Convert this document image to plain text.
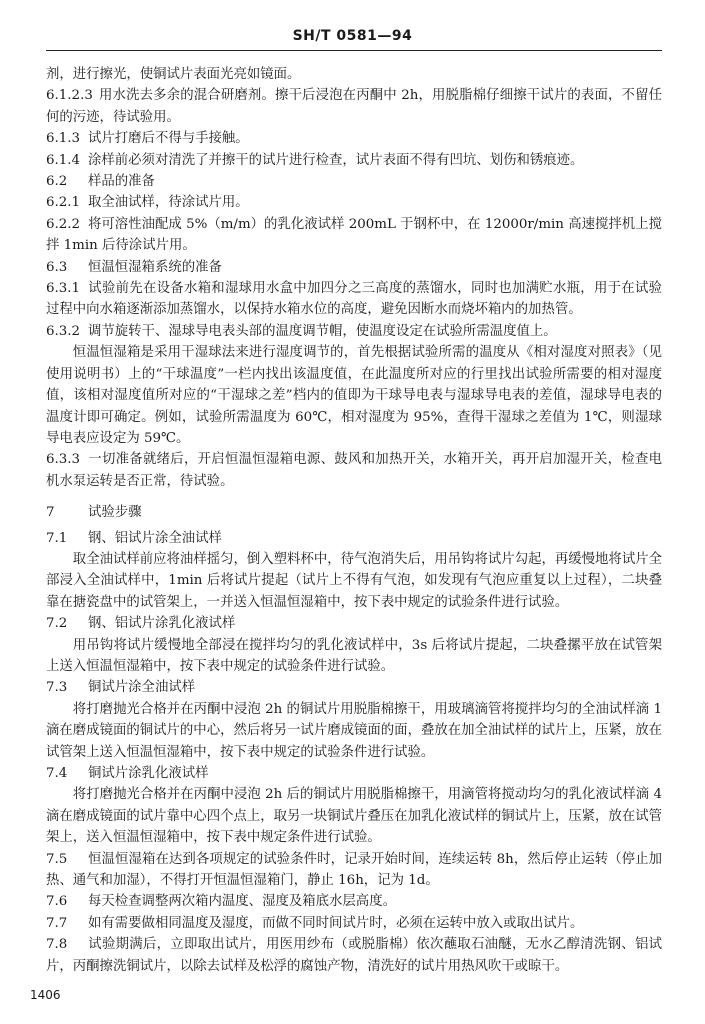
SH/T 0581—94
剂，进行擦光，使铜试片表面光亮如镜面。
6.1.2.3 用水洗去多余的混合研磨剂。擦干后浸泡在丙酮中 2h，用脱脂棉仔细擦干试片的表面，不留任何的污迹，待试验用。
6.1.3 试片打磨后不得与手接触。
6.1.4 涂样前必须对清洗了并擦干的试片进行检查，试片表面不得有凹坑、划伤和锈痕迹。
6.2 样品的准备
6.2.1 取全油试样，待涂试片用。
6.2.2 将可溶性油配成 5%（m/m）的乳化液试样 200mL 于钢杯中，在 12000r/min 高速搅拌机上搅拌 1min 后待涂试片用。
6.3 恒温恒湿箱系统的准备
6.3.1 试验前先在设备水箱和湿球用水盒中加四分之三高度的蒸馏水，同时也加满贮水瓶，用于在试验过程中向水箱逐渐添加蒸馏水，以保持水箱水位的高度，避免因断水而烧坏箱内的加热管。
6.3.2 调节旋转干、湿球导电表头部的温度调节帽，使温度设定在试验所需温度值上。
恒温恒湿箱是采用干湿球法来进行湿度调节的，首先根据试验所需的温度从《相对湿度对照表》（见使用说明书）上的“干球温度”一栏内找出该温度值，在此温度所对应的行里找出试验所需要的相对湿度值，该相对湿度值所对应的“干湿球之差”档内的值即为干球导电表与湿球导电表的差值，湿球导电表的温度计即可确定。例如，试验所需温度为 60℃，相对湿度为 95%，查得干湿球之差值为 1℃，则湿球导电表应设定为 59℃。
6.3.3 一切准备就绪后，开启恒温恒湿箱电源、鼓风和加热开关，水箱开关，再开启加湿开关，检查电机水泵运转是否正常，待试验。
7 试验步骤
7.1 钢、铝试片涂全油试样
取全油试样前应将油样摇匀，倒入塑料杯中，待气泡消失后，用吊钩将试片勾起，再缓慢地将试片全部浸入全油试样中，1min 后将试片提起（试片上不得有气泡，如发现有气泡应重复以上过程），二块叠靠在搪瓷盘中的试管架上，一并送入恒温恒湿箱中，按下表中规定的试验条件进行试验。
7.2 钢、铝试片涂乳化液试样
用吊钩将试片缓慢地全部浸在搅拌均匀的乳化液试样中，3s 后将试片提起，二块叠摞平放在试管架上送入恒温恒湿箱中，按下表中规定的试验条件进行试验。
7.3 铜试片涂全油试样
将打磨抛光合格并在丙酮中浸泡 2h 的铜试片用脱脂棉擦干，用玻璃滴管将搅拌均匀的全油试样滴 1 滴在磨成镜面的铜试片的中心，然后将另一试片磨成镜面的面，叠放在加全油试样的试片上，压紧，放在试管架上送入恒温恒湿箱中，按下表中规定的试验条件进行试验。
7.4 铜试片涂乳化液试样
将打磨抛光合格并在丙酮中浸泡 2h 后的铜试片用脱脂棉擦干，用滴管将搅动均匀的乳化液试样滴 4 滴在磨成镜面的试片靠中心四个点上，取另一块铜试片叠压在加乳化液试样的铜试片上，压紧，放在试管架上，送入恒温恒湿箱中，按下表中规定条件进行试验。
7.5 恒温恒湿箱在达到各项规定的试验条件时，记录开始时间，连续运转 8h，然后停止运转（停止加热、通气和加湿），不得打开恒温恒湿箱门，静止 16h，记为 1d。
7.6 每天检查调整两次箱内温度、湿度及箱底水层高度。
7.7 如有需要做相同温度及湿度，而做不同时间试片时，必须在运转中放入或取出试片。
7.8 试验期满后，立即取出试片，用医用纱布（或脱脂棉）依次蘸取石油醚，无水乙醇清洗钢、铝试片，丙酮擦洗铜试片，以除去试样及松浮的腐蚀产物，清洗好的试片用热风吹干或晾干。
1406
